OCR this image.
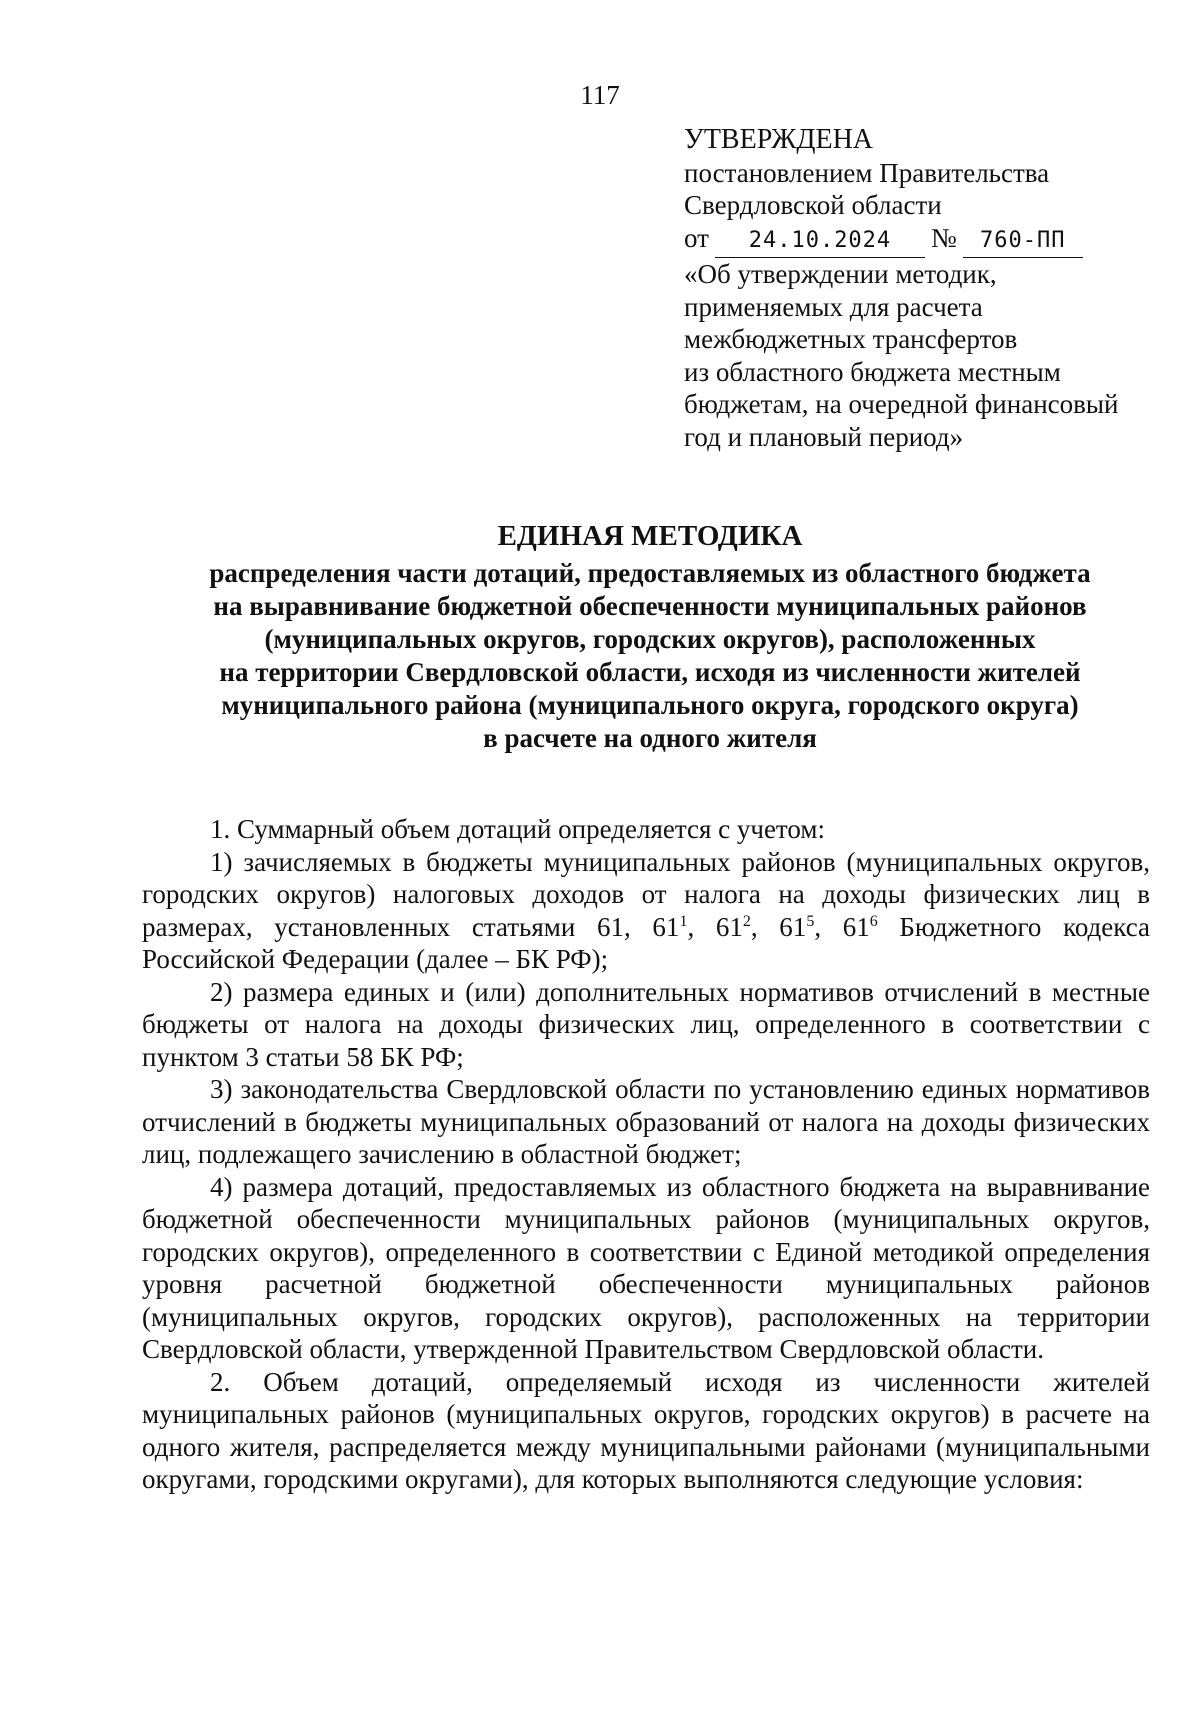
117
УТВЕРЖДЕНА
постановлением Правительства
Свердловской области
от 24.10.2024 № 760-ПП
«Об утверждении методик,
применяемых для расчета
межбюджетных трансфертов
из областного бюджета местным
бюджетам, на очередной финансовый
год и плановый период»
ЕДИНАЯ МЕТОДИКА
распределения части дотаций, предоставляемых из областного бюджета
на выравнивание бюджетной обеспеченности муниципальных районов
(муниципальных округов, городских округов), расположенных
на территории Свердловской области, исходя из численности жителей
муниципального района (муниципального округа, городского округа)
в расчете на одного жителя

1. Суммарный объем дотаций определяется с учетом:

1) зачисляемых в бюджеты муниципальных районов (муниципальных округов, городских округов) налоговых доходов от налога на доходы физических лиц в размерах, установленных статьями 61, $61^1$, $61^2$, $61^5$, $61^6$ Бюджетного кодекса Российской Федерации (далее – БК РФ);

2) размера единых и (или) дополнительных нормативов отчислений в местные бюджеты от налога на доходы физических лиц, определенного в соответствии с пунктом 3 статьи 58 БК РФ;

3) законодательства Свердловской области по установлению единых нормативов отчислений в бюджеты муниципальных образований от налога на доходы физических лиц, подлежащего зачислению в областной бюджет;

4) размера дотаций, предоставляемых из областного бюджета на выравнивание бюджетной обеспеченности муниципальных районов (муниципальных округов, городских округов), определенного в соответствии с Единой методикой определения уровня расчетной бюджетной обеспеченности муниципальных районов (муниципальных округов, городских округов), расположенных на территории Свердловской области, утвержденной Правительством Свердловской области.

2. Объем дотаций, определяемый исходя из численности жителей муниципальных районов (муниципальных округов, городских округов) в расчете на одного жителя, распределяется между муниципальными районами (муниципальными округами, городскими округами), для которых выполняются следующие условия:
